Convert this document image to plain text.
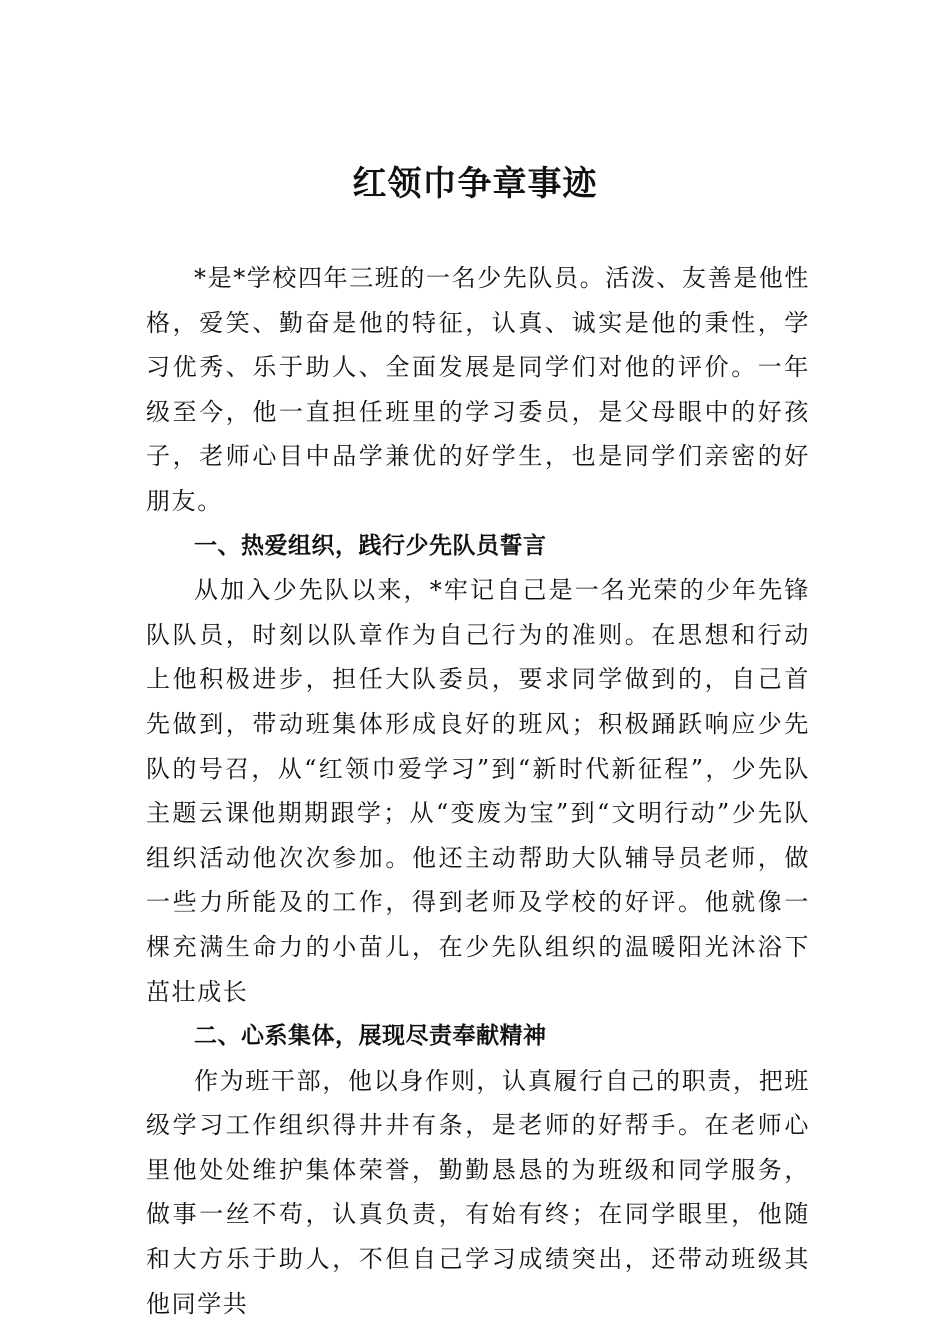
红领巾争章事迹

*是*学校四年三班的一名少先队员。活泼、友善是他性格，爱笑、勤奋是他的特征，认真、诚实是他的秉性，学习优秀、乐于助人、全面发展是同学们对他的评价。一年级至今，他一直担任班里的学习委员，是父母眼中的好孩子，老师心目中品学兼优的好学生，也是同学们亲密的好朋友。

一、热爱组织，践行少先队员誓言

从加入少先队以来，*牢记自己是一名光荣的少年先锋队队员，时刻以队章作为自己行为的准则。在思想和行动上他积极进步，担任大队委员，要求同学做到的，自己首先做到，带动班集体形成良好的班风；积极踊跃响应少先队的号召，从“红领巾爱学习”到“新时代新征程”，少先队主题云课他期期跟学；从“变废为宝”到“文明行动”少先队组织活动他次次参加。他还主动帮助大队辅导员老师，做一些力所能及的工作，得到老师及学校的好评。他就像一棵充满生命力的小苗儿，在少先队组织的温暖阳光沐浴下茁壮成长

二、心系集体，展现尽责奉献精神

作为班干部，他以身作则，认真履行自己的职责，把班级学习工作组织得井井有条，是老师的好帮手。在老师心里他处处维护集体荣誉，勤勤恳恳的为班级和同学服务，做事一丝不苟，认真负责，有始有终；在同学眼里，他随和大方乐于助人，不但自己学习成绩突出，还带动班级其他同学共
